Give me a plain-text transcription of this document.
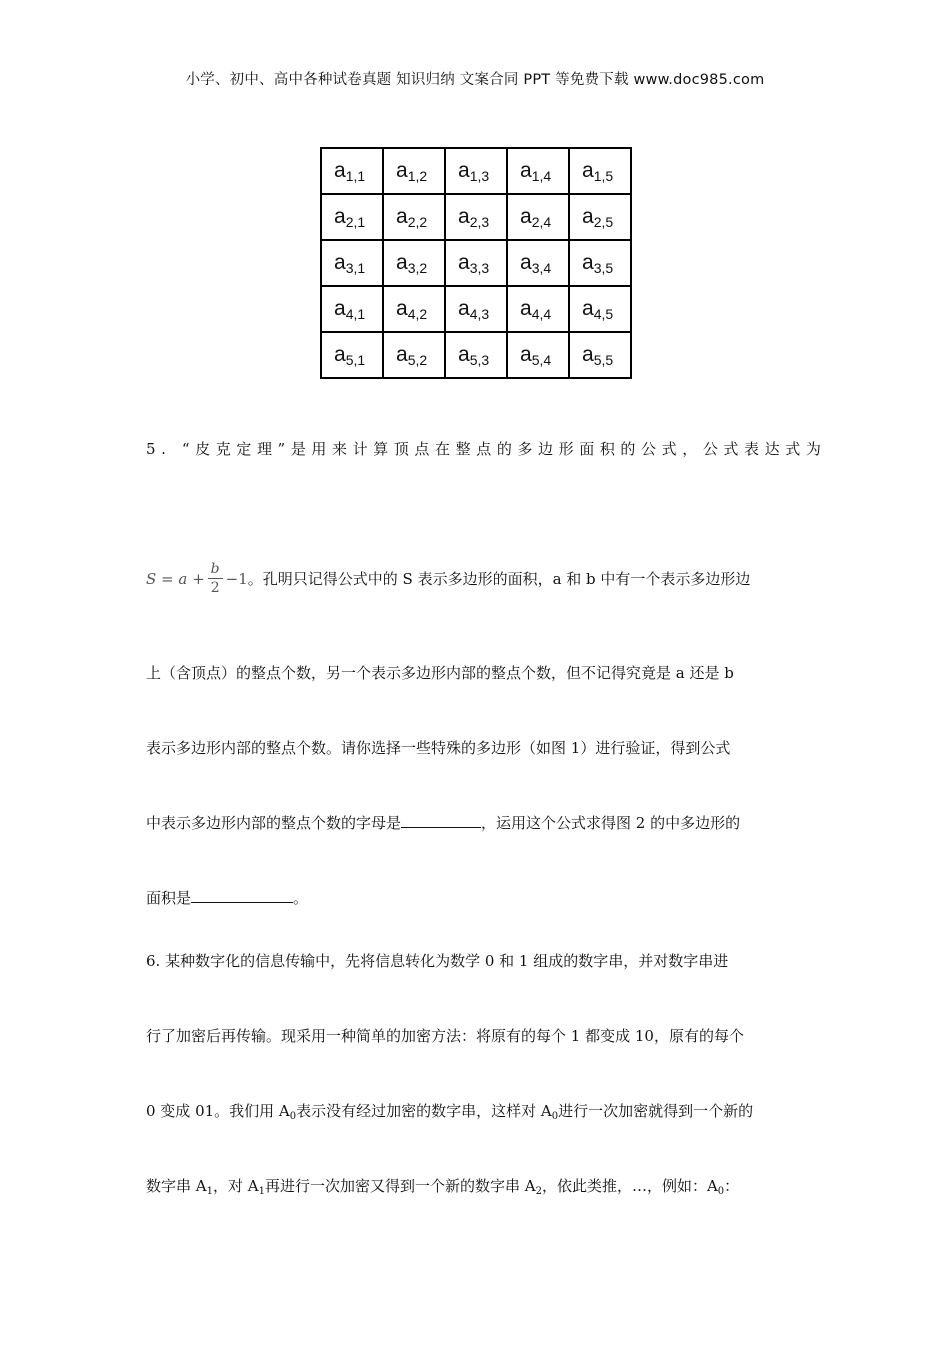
小学、初中、高中各种试卷真题 知识归纳 文案合同 PPT 等免费下载 www.doc985.com
$a_{1,1}$	$a_{1,2}$	$a_{1,3}$	$a_{1,4}$	$a_{1,5}$

$a_{2,1}$	$a_{2,2}$	$a_{2,3}$	$a_{2,4}$	$a_{2,5}$

$a_{3,1}$	$a_{3,2}$	$a_{3,3}$	$a_{3,4}$	$a_{3,5}$

$a_{4,1}$	$a_{4,2}$	$a_{4,3}$	$a_{4,4}$	$a_{4,5}$

$a_{5,1}$	$a_{5,2}$	$a_{5,3}$	$a_{5,4}$	$a_{5,5}$
5. “皮克定理”是用来计算顶点在整点的多边形面积的公式，公式表达式为
$S = a + \frac{b}{2} -1$。孔明只记得公式中的 S 表示多边形的面积，a 和 b 中有一个表示多边形边
上（含顶点）的整点个数，另一个表示多边形内部的整点个数，但不记得究竟是 a 还是 b
表示多边形内部的整点个数。请你选择一些特殊的多边形（如图 1）进行验证，得到公式
中表示多边形内部的整点个数的字母是	，运用这个公式求得图 2 的中多边形的
面积是	。
6. 某种数字化的信息传输中，先将信息转化为数学 0 和 1 组成的数字串，并对数字串进
行了加密后再传输。现采用一种简单的加密方法：将原有的每个 1 都变成 10，原有的每个
0 变成 01。我们用 $A_0$表示没有经过加密的数字串，这样对 $A_0$进行一次加密就得到一个新的
数字串 $A_1$，对 $A_1$再进行一次加密又得到一个新的数字串 $A_2$，依此类推，…，例如：$A_0$：
